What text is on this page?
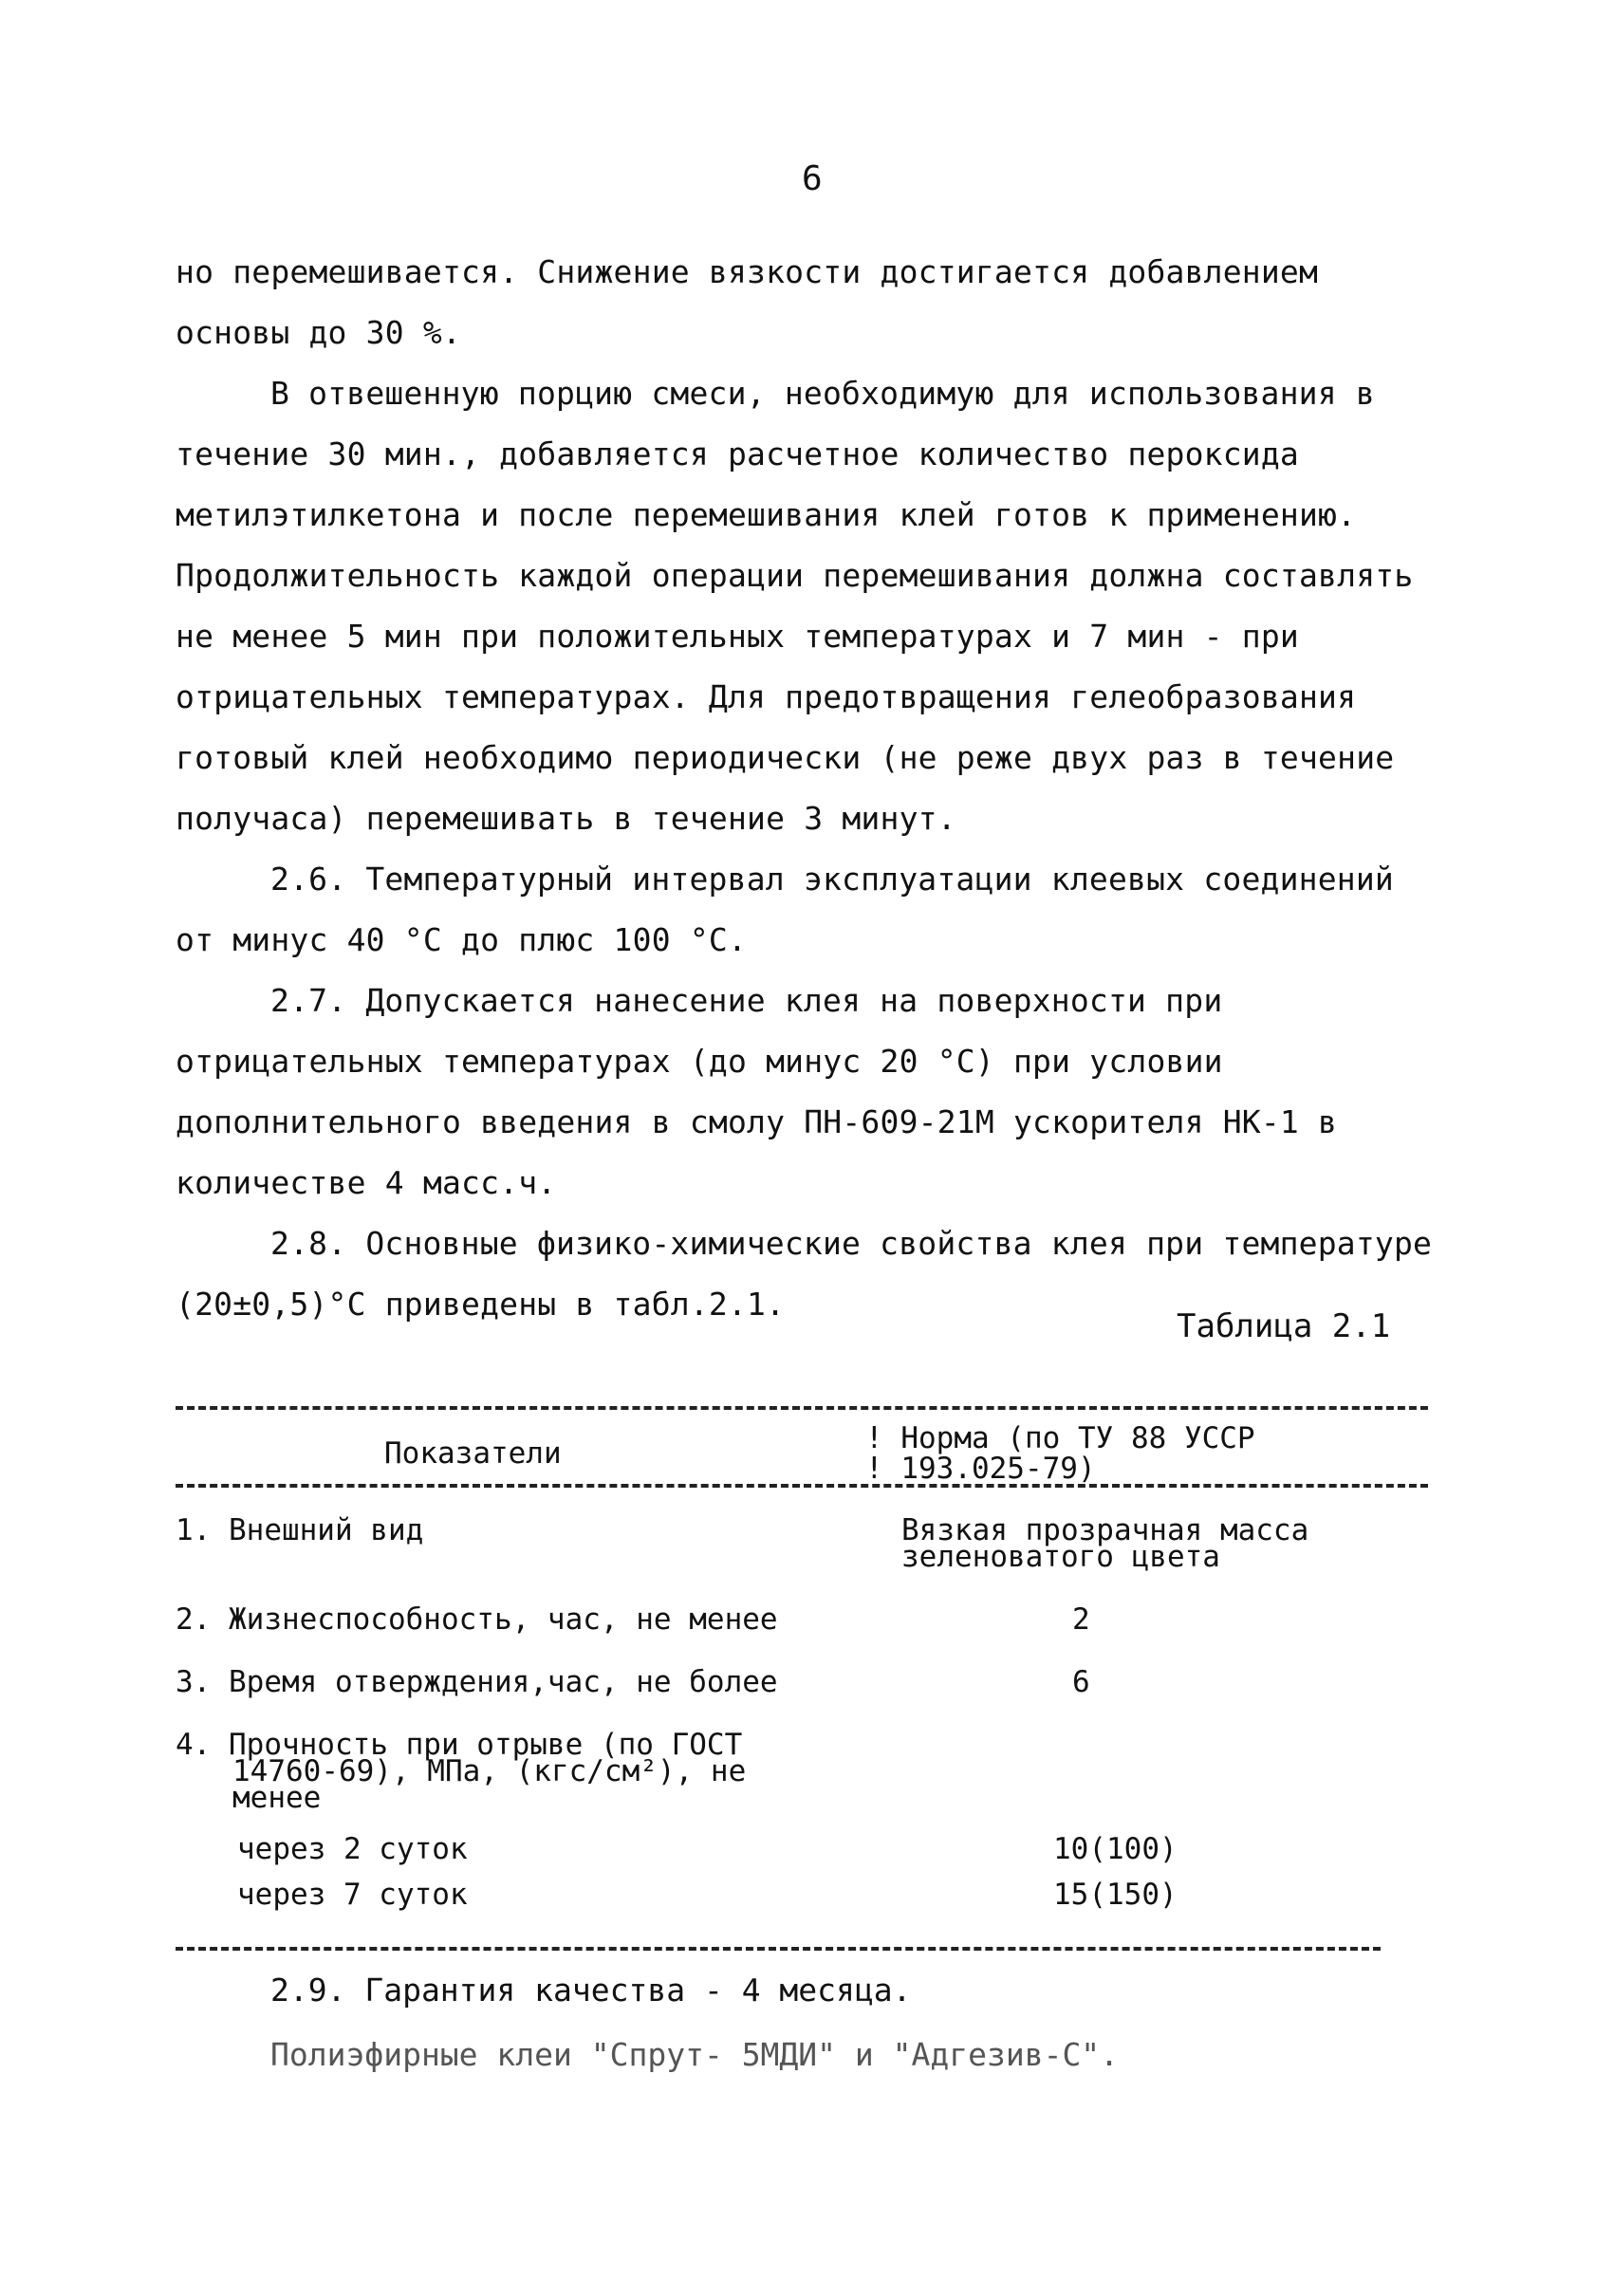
6

но перемешивается. Снижение вязкости достигается добавлением основы до 30 %.

В отвешенную порцию смеси, необходимую для использования в течение 30 мин., добавляется расчетное количество пероксида метилэтилкетона и после перемешивания клей готов к применению. Продолжительность каждой операции перемешивания должна составлять не менее 5 мин при положительных температурах и 7 мин - при отрицательных температурах. Для предотвращения гелеобразования готовый клей необходимо периодически (не реже двух раз в течение получаса) перемешивать в течение 3 минут.

2.6. Температурный интервал эксплуатации клеевых соединений от минус 40 °С до плюс 100 °С.

2.7. Допускается нанесение клея на поверхности при отрицательных температурах (до минус 20 °С) при условии дополнительного введения в смолу ПН-609-21М ускорителя НК-1 в количестве 4 масс.ч.

2.8. Основные физико-химические свойства клея при температуре (20±0,5)°С приведены в табл.2.1.

Таблица 2.1
Показатели	! Норма (по ТУ 88 УССР
! 193.025-79)
1. Внешний вид	Вязкая прозрачная масса
зеленоватого цвета
2. Жизнеспособность, час, не менее	2
3. Время отверждения,час, не более	6
4. Прочность при отрыве (по ГОСТ
14760-69), МПа, (кгс/см²), не
менее
через 2 суток	10(100)
через 7 суток	15(150)
2.9. Гарантия качества - 4 месяца.
Полиэфирные клеи "Спрут- 5МДИ" и "Адгезив-С".
